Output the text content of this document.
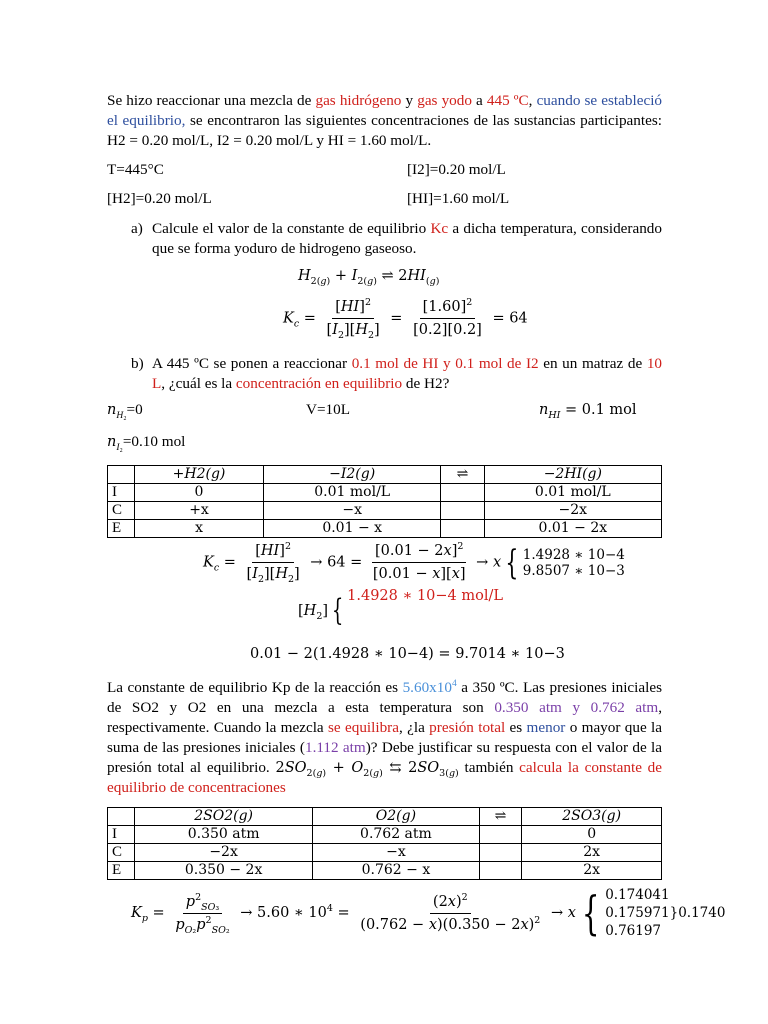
Se hizo reaccionar una mezcla de gas hidrógeno y gas yodo a 445 ºC, cuando se estableció el equilibrio, se encontraron las siguientes concentraciones de las sustancias participantes: H2 = 0.20 mol/L, I2 = 0.20 mol/L y HI = 1.60 mol/L.
T=445°C	[I2]=0.20 mol/L
[H2]=0.20 mol/L	[HI]=1.60 mol/L
a) Calcule el valor de la constante de equilibrio Kc a dicha temperatura, considerando que se forma yoduro de hidrogeno gaseoso.
$H_{2(g)} + I_{2(g)}$ ⇌ $2HI_{(g)}$
$K_c = \frac{[HI]^2}{[I_2][H_2]} = \frac{[1.60]^2}{[0.2][0.2]} = 64$
b) A 445 ºC se ponen a reaccionar 0.1 mol de HI y 0.1 mol de I2 en un matraz de 10 L, ¿cuál es la concentración en equilibrio de H2?
$n_{H_2}=0$	V=10L	$n_{HI} = 0.1$ mol
$n_{I_2}=0.10$ mol
	+H2(g)	−I2(g)	⇌	−2HI(g)
I	0	0.01 mol/L		0.01 mol/L
C	+x	−x		−2x
E	x	0.01 − x		0.01 − 2x
$K_c = \frac{[HI]^2}{[I_2][H_2]} \to 64 = \frac{[0.01 - 2x]^2}{[0.01 - x][x]} \to x$ { 1.4928 ∗ 10−4
9.8507 ∗ 10−3
$[H_2]$ { 1.4928 ∗ 10−4 mol/L
0.01 − 2(1.4928 ∗ 10−4) = 9.7014 ∗ 10−3
La constante de equilibrio Kp de la reacción es $5.60x10^4$ a 350 ºC. Las presiones iniciales de SO2 y O2 en una mezcla a esta temperatura son 0.350 atm y 0.762 atm, respectivamente. Cuando la mezcla se equilibra, ¿la presión total es menor o mayor que la suma de las presiones iniciales (1.112 atm)? Debe justificar su respuesta con el valor de la presión total al equilibrio. $2SO_{2(g)} + O_{2(g)}$ ⇆ $2SO_{3(g)}$ también calcula la constante de equilibrio de concentraciones
	2SO2(g)	O2(g)	⇌	2SO3(g)
I	0.350 atm	0.762 atm		0
C	−2x	−x		2x
E	0.350 − 2x	0.762 − x		2x
$K_p = \frac{p^2_{SO_3}}{p_{O_2}p^2_{SO_2}} \to 5.60$ ∗ $10^4 = \frac{(2x)^2}{(0.762 - x)(0.350 - 2x)^2} \to x$ { 0.174041
0.175971}0.1740
0.76197
